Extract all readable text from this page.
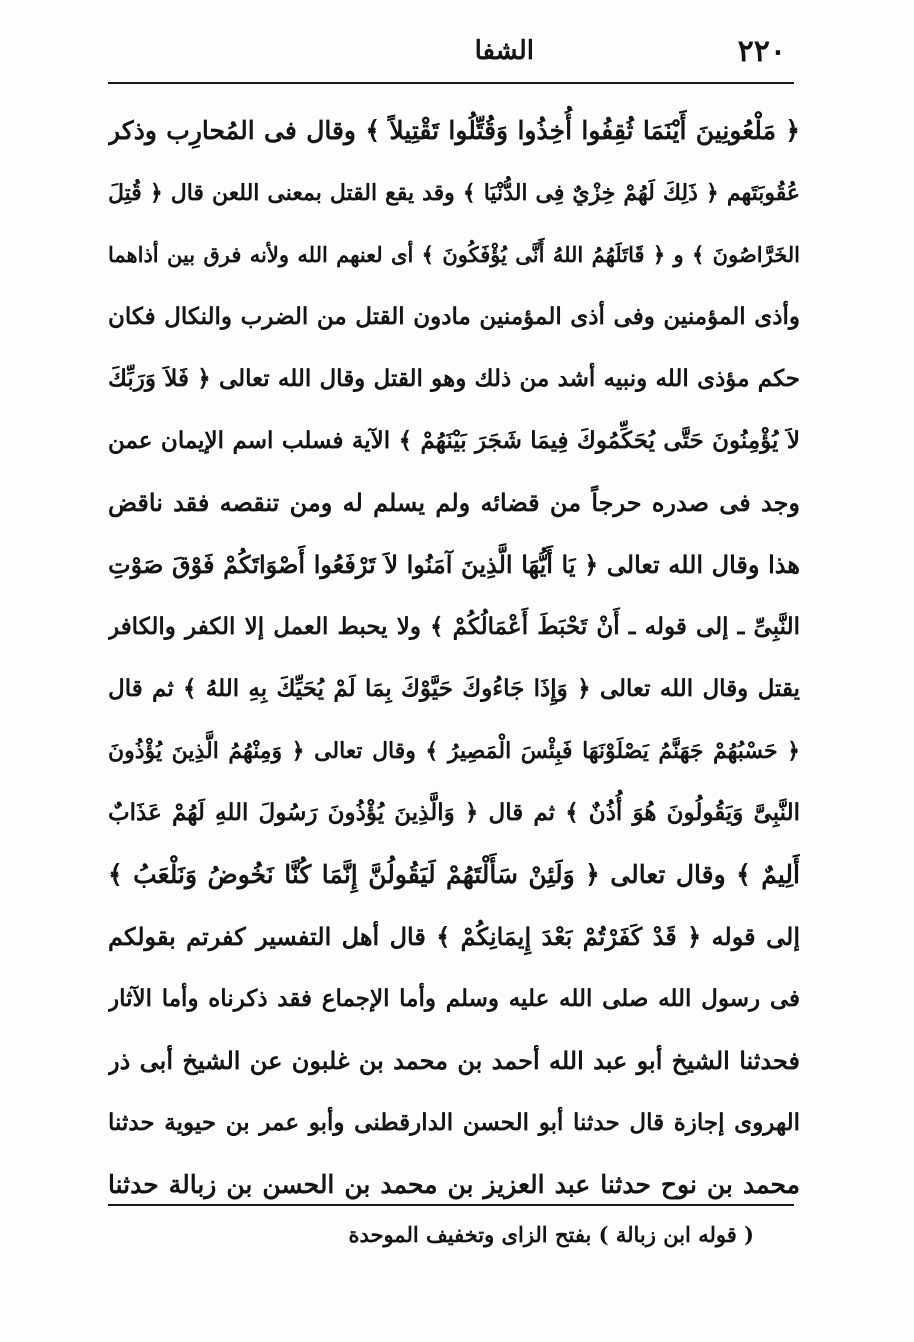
٢٢٠
الشفا
﴿ مَلْعُونِينَ أَيْنَمَا ثُقِفُوا أُخِذُوا وَقُتِّلُوا تَقْتِيلاً ﴾ وقال فى المُحارِب وذكر
عُقُوبَتَهم ﴿ ذَلِكَ لَهُمْ خِزْيٌ فِى الدُّنْيَا ﴾ وقد يقع القتل بمعنى اللعن قال ﴿ قُتِلَ
الخَرَّاصُونَ ﴾ و ﴿ قَاتَلَهُمُ اللهُ أَنَّى يُؤْفَكُونَ ﴾ أى لعنهم الله ولأنه فرق بين أذاهما
وأذى المؤمنين وفى أذى المؤمنين مادون القتل من الضرب والنكال فكان
حكم مؤذى الله ونبيه أشد من ذلك وهو القتل وقال الله تعالى ﴿ فَلاَ وَرَبِّكَ
لاَ يُؤْمِنُونَ حَتَّى يُحَكِّمُوكَ فِيمَا شَجَرَ بَيْنَهُمْ ﴾ الآية فسلب اسم الإيمان عمن
وجد فى صدره حرجاً من قضائه ولم يسلم له ومن تنقصه فقد ناقض
هذا وقال الله تعالى ﴿ يَا أَيُّهَا الَّذِينَ آمَنُوا لاَ تَرْفَعُوا أَصْوَاتَكُمْ فَوْقَ صَوْتِ
النَّبِىِّ ـ إلى قوله ـ أَنْ تَحْبَطَ أَعْمَالُكُمْ ﴾ ولا يحبط العمل إلا الكفر والكافر
يقتل وقال الله تعالى ﴿ وَإِذَا جَاءُوكَ حَيَّوْكَ بِمَا لَمْ يُحَيِّكَ بِهِ اللهُ ﴾ ثم قال
﴿ حَسْبُهُمْ جَهَنَّمُ يَصْلَوْنَهَا فَبِئْسَ الْمَصِيرُ ﴾ وقال تعالى ﴿ وَمِنْهُمُ الَّذِينَ يُؤْذُونَ
النَّبِىَّ وَيَقُولُونَ هُوَ أُذُنٌ ﴾ ثم قال ﴿ وَالَّذِينَ يُؤْذُونَ رَسُولَ اللهِ لَهُمْ عَذَابٌ
أَلِيمٌ ﴾ وقال تعالى ﴿ وَلَئِنْ سَأَلْتَهُمْ لَيَقُولُنَّ إِنَّمَا كُنَّا نَخُوضُ وَنَلْعَبُ ﴾
إلى قوله ﴿ قَدْ كَفَرْتُمْ بَعْدَ إِيمَانِكُمْ ﴾ قال أهل التفسير كفرتم بقولكم
فى رسول الله صلى الله عليه وسلم وأما الإجماع فقد ذكرناه وأما الآثار
فحدثنا الشيخ أبو عبد الله أحمد بن محمد بن غلبون عن الشيخ أبى ذر
الهروى إجازة قال حدثنا أبو الحسن الدارقطنى وأبو عمر بن حيوية حدثنا
محمد بن نوح حدثنا عبد العزيز بن محمد بن الحسن بن زبالة حدثنا
( قوله ابن زبالة ) بفتح الزاى وتخفيف الموحدة
